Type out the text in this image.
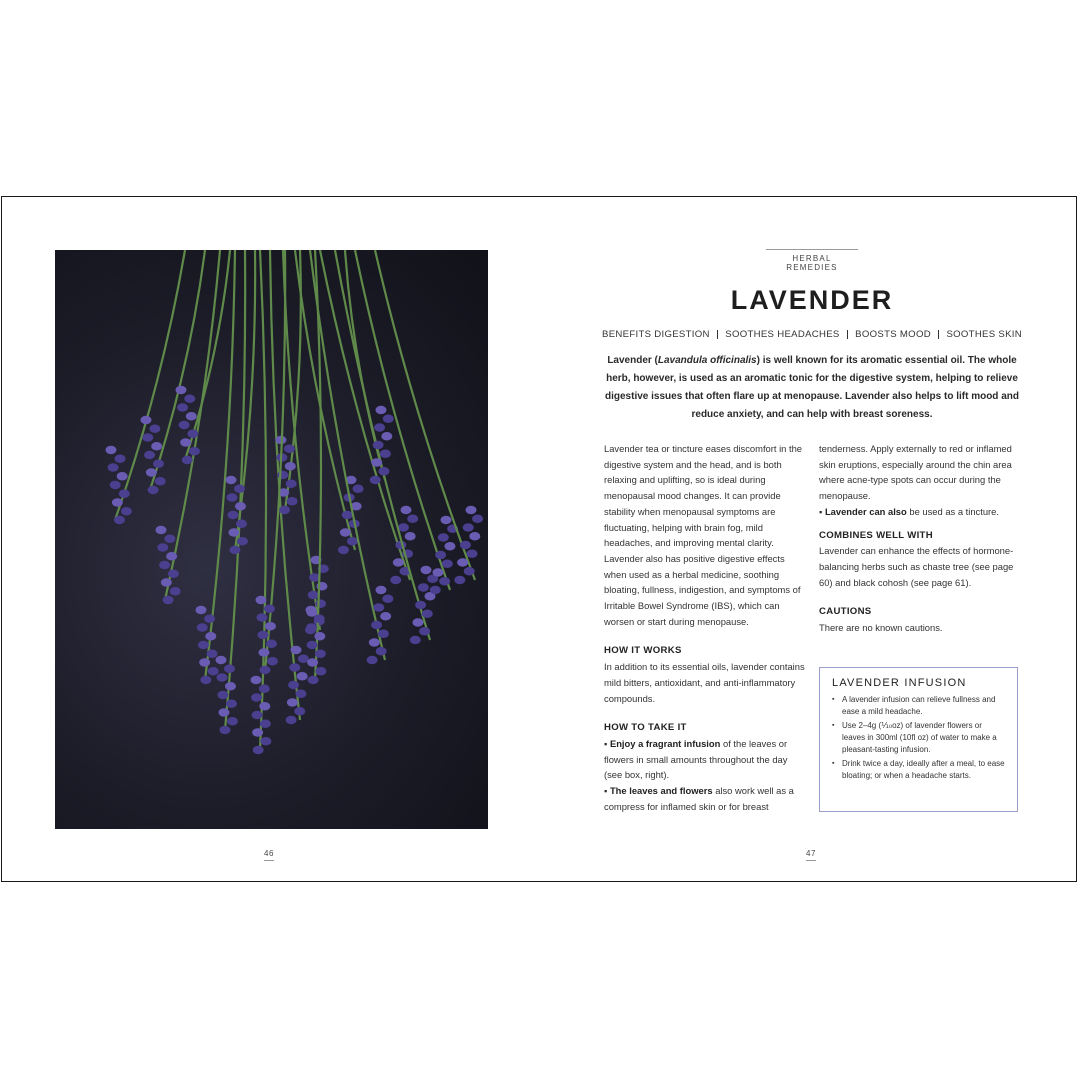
46
HERBAL REMEDIES
LAVENDER
BENEFITS DIGESTION SOOTHES HEADACHES BOOSTS MOOD SOOTHES SKIN
Lavender (Lavandula officinalis) is well known for its aromatic essential oil. The whole herb, however, is used as an aromatic tonic for the digestive system, helping to relieve digestive issues that often flare up at menopause. Lavender also helps to lift mood and reduce anxiety, and can help with breast soreness.

Lavender tea or tincture eases discomfort in the digestive system and the head, and is both relaxing and uplifting, so is ideal during menopausal mood changes. It can provide stability when menopausal symptoms are fluctuating, helping with brain fog, mild headaches, and improving mental clarity. Lavender also has positive digestive effects when used as a herbal medicine, soothing bloating, fullness, indigestion, and symptoms of Irritable Bowel Syndrome (IBS), which can worsen or start during menopause.

HOW IT WORKS

In addition to its essential oils, lavender contains mild bitters, antioxidant, and anti-inflammatory compounds.

HOW TO TAKE IT

▪ Enjoy a fragrant infusion of the leaves or flowers in small amounts throughout the day (see box, right).

▪ The leaves and flowers also work well as a compress for inflamed skin or for breast

tenderness. Apply externally to red or inflamed skin eruptions, especially around the chin area where acne-type spots can occur during the menopause.

▪ Lavender can also be used as a tincture.

COMBINES WELL WITH

Lavender can enhance the effects of hormone-balancing herbs such as chaste tree (see page 60) and black cohosh (see page 61).

CAUTIONS

There are no known cautions.

LAVENDER INFUSION
▪ A lavender infusion can relieve fullness and ease a mild headache.
▪ Use 2–4g (⅒oz) of lavender flowers or leaves in 300ml (10fl oz) of water to make a pleasant-tasting infusion.
▪ Drink twice a day, ideally after a meal, to ease bloating; or when a headache starts.
47
